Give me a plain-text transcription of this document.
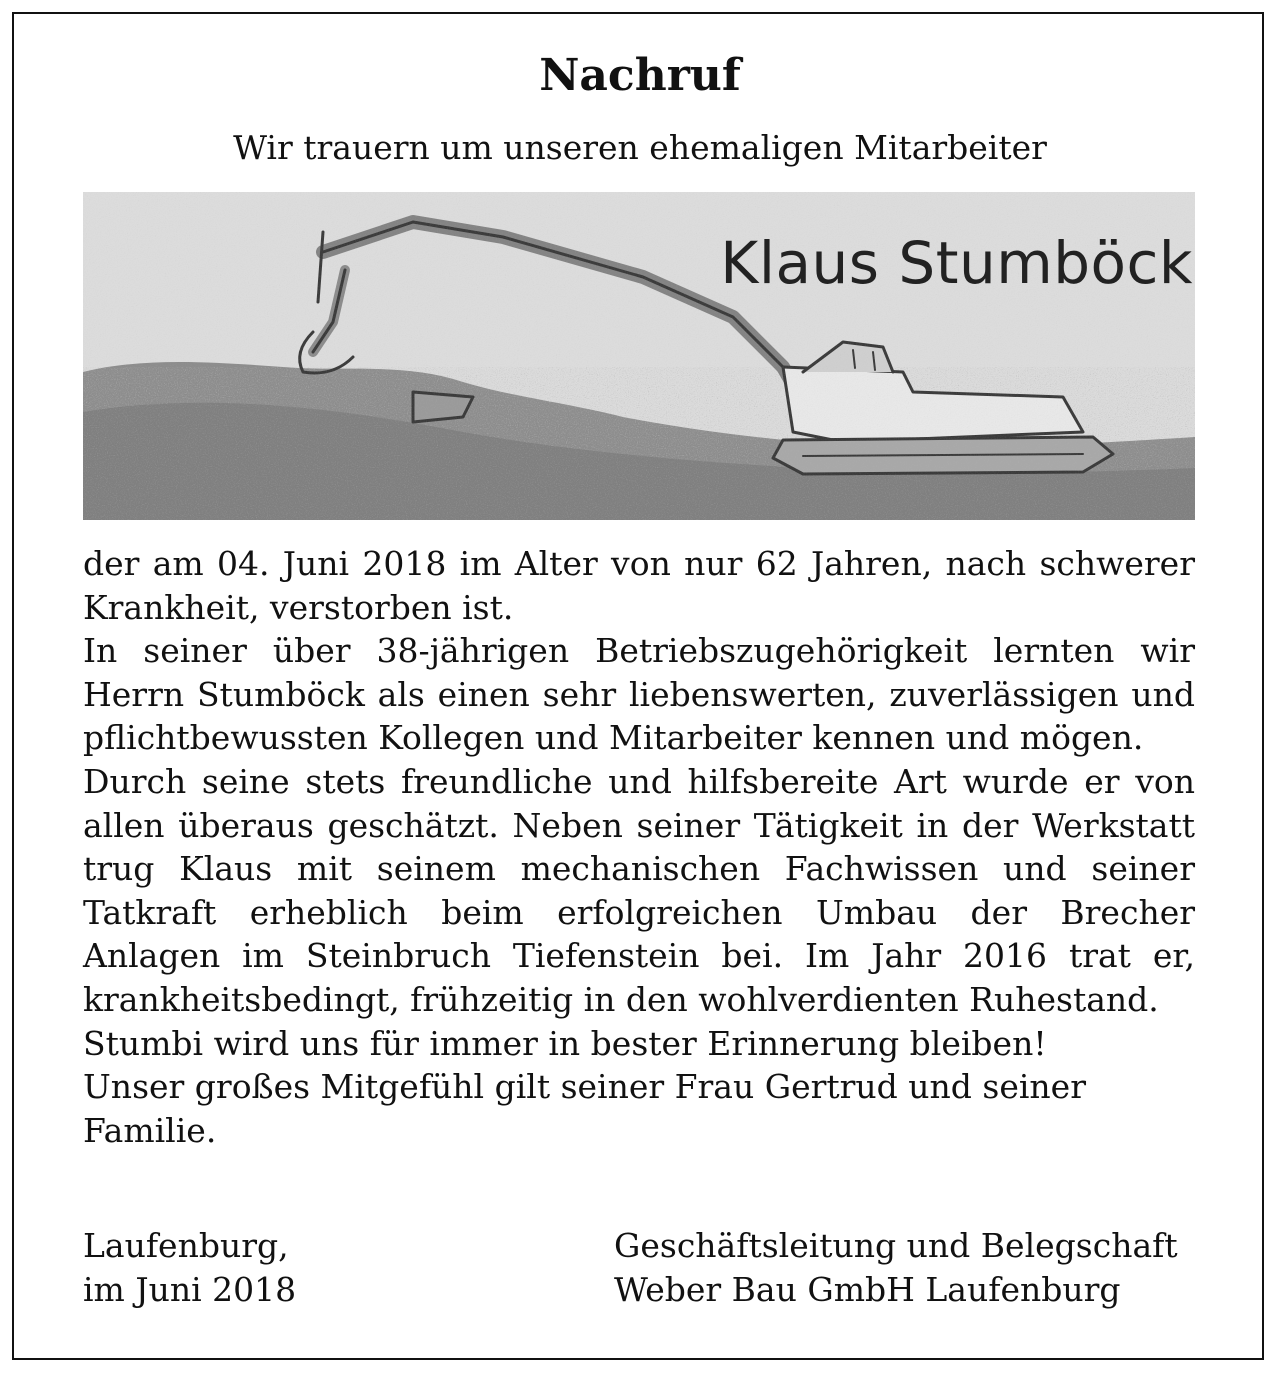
Nachruf
Wir trauern um unseren ehemaligen Mitarbeiter
Klaus Stumböck

der am 04. Juni 2018 im Alter von nur 62 Jahren, nach schwerer Krankheit, verstorben ist.

In seiner über 38-jährigen Betriebszugehörigkeit lernten wir Herrn Stumböck als einen sehr liebenswerten, zuverlässigen und pflichtbewussten Kollegen und Mitarbeiter kennen und mögen.

Durch seine stets freundliche und hilfsbereite Art wurde er von allen überaus geschätzt. Neben seiner Tätigkeit in der Werkstatt trug Klaus mit seinem mechanischen Fachwissen und seiner Tatkraft erheblich beim erfolgreichen Umbau der Brecher Anlagen im Steinbruch Tiefenstein bei. Im Jahr 2016 trat er, krankheitsbedingt, frühzeitig in den wohlverdienten Ruhestand.

Stumbi wird uns für immer in bester Erinnerung bleiben!

Unser großes Mitgefühl gilt seiner Frau Gertrud und seiner Familie.

Laufenburg,
im Juni 2018
Geschäftsleitung und Belegschaft
Weber Bau GmbH Laufenburg
